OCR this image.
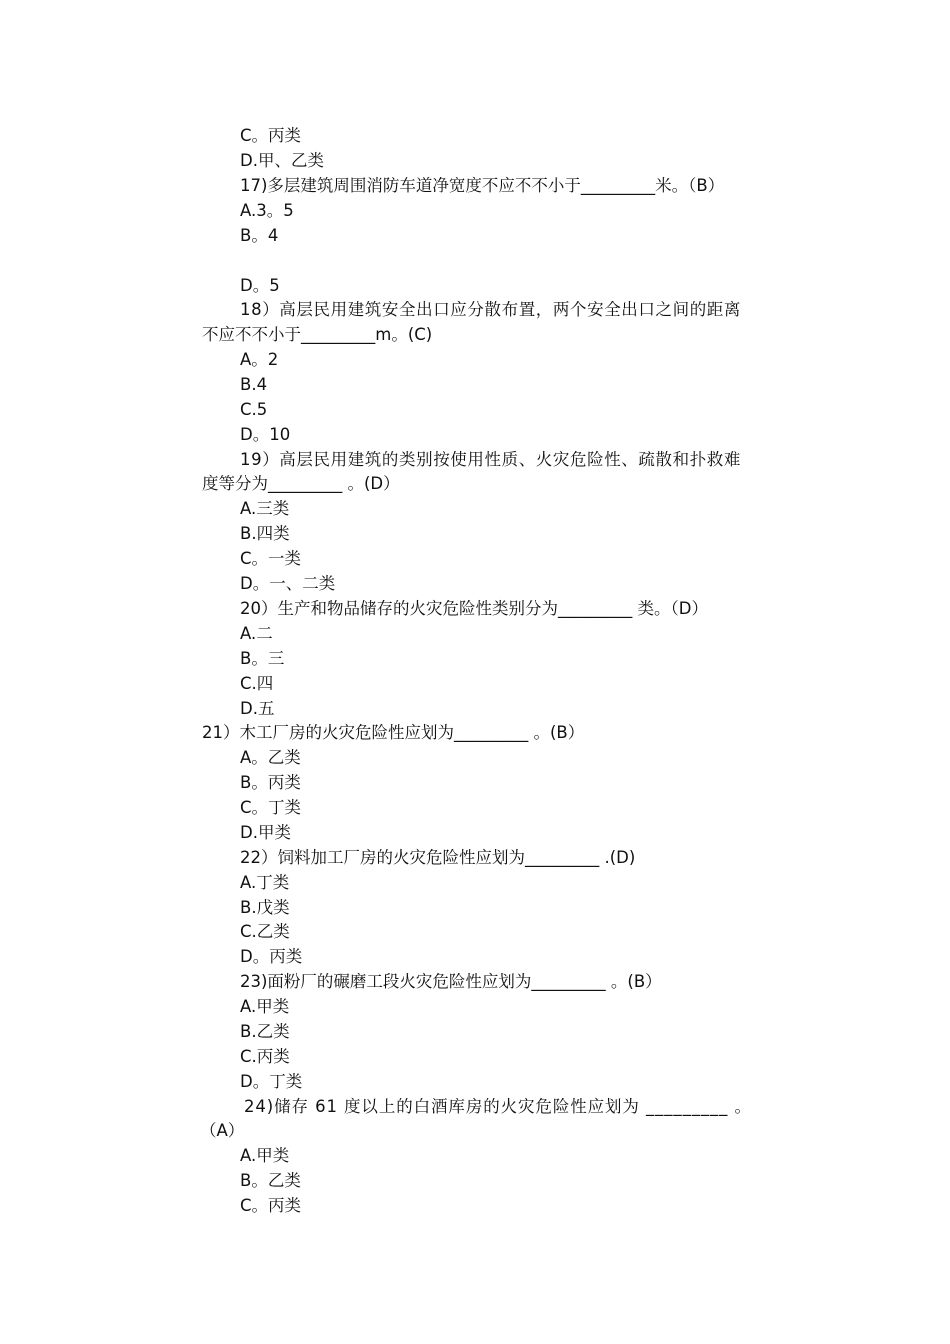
C。丙类
D.甲、乙类
17)多层建筑周围消防车道净宽度不应不不小于_________米。（B）
A.3。5
B。4
D。5
18）高层民用建筑安全出口应分散布置，两个安全出口之间的距离
不应不不小于_________m。(C)
A。2
B.4
C.5
D。10
19）高层民用建筑的类别按使用性质、火灾危险性、疏散和扑救难
度等分为_________ 。(D）
A.三类
B.四类
C。一类
D。一、二类
20）生产和物品储存的火灾危险性类别分为_________ 类。（D）
A.二
B。三
C.四
D.五
21）木工厂房的火灾危险性应划为_________ 。(B）
A。乙类
B。丙类
C。丁类
D.甲类
22）饲料加工厂房的火灾危险性应划为_________ .(D)
A.丁类
B.戊类
C.乙类
D。丙类
23)面粉厂的碾磨工段火灾危险性应划为_________ 。(B）
A.甲类
B.乙类
C.丙类
D。丁类
24)储存 61 度以上的白酒库房的火灾危险性应划为 _________ 。
（A）
A.甲类
B。乙类
C。丙类
